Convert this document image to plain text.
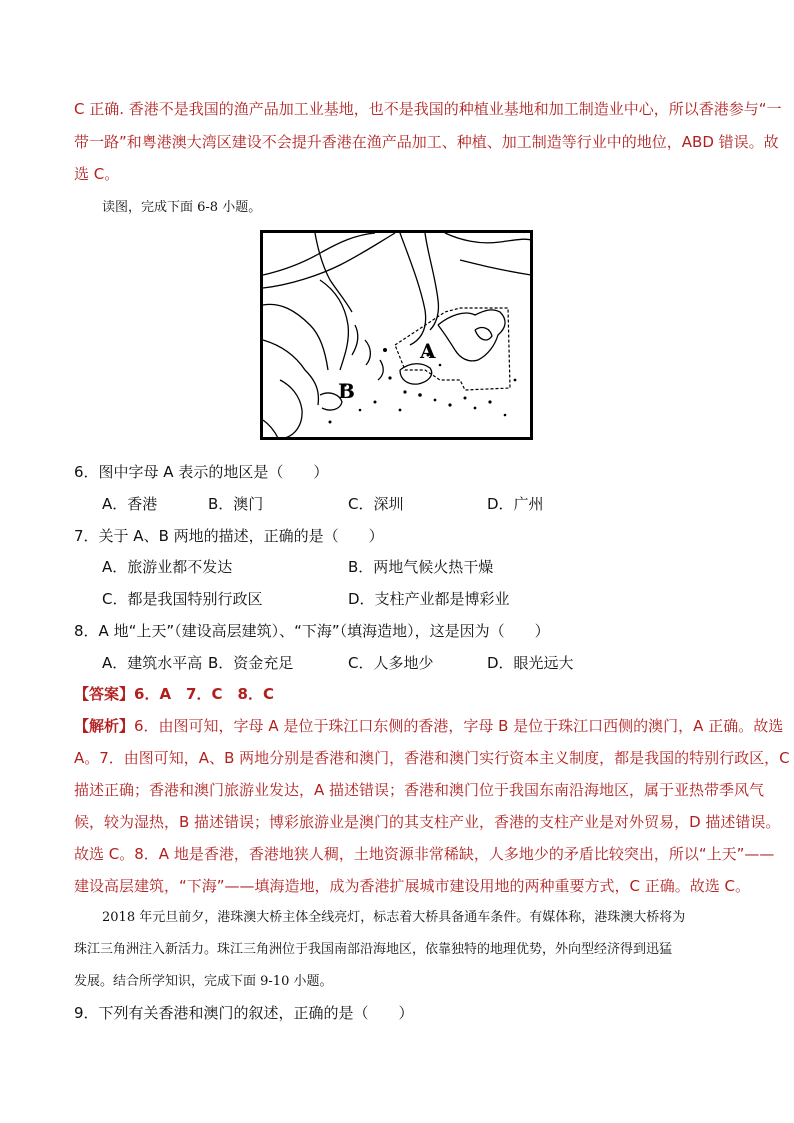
C 正确. 香港不是我国的渔产品加工业基地，也不是我国的种植业基地和加工制造业中心，所以香港参与“一
带一路”和粤港澳大湾区建设不会提升香港在渔产品加工、种植、加工制造等行业中的地位，ABD 错误。故
选 C。
读图，完成下面 6-8 小题。
A
B
6．图中字母 A 表示的地区是（　　）
A．香港	B．澳门	C．深圳	D．广州
7．关于 A、B 两地的描述，正确的是（　　）
A．旅游业都不发达	B．两地气候火热干燥
C．都是我国特别行政区	D．支柱产业都是博彩业
8．A 地“上天”（建设高层建筑）、“下海”（填海造地），这是因为（　　）
A．建筑水平高 B．资金充足	C．人多地少	D．眼光远大
【答案】6．A　7．C　8．C
【解析】6．由图可知，字母 A 是位于珠江口东侧的香港，字母 B 是位于珠江口西侧的澳门，A 正确。故选
A。7．由图可知，A、B 两地分别是香港和澳门，香港和澳门实行资本主义制度，都是我国的特别行政区，C
描述正确；香港和澳门旅游业发达，A 描述错误；香港和澳门位于我国东南沿海地区，属于亚热带季风气
候，较为湿热，B 描述错误；博彩旅游业是澳门的其支柱产业，香港的支柱产业是对外贸易，D 描述错误。
故选 C。8．A 地是香港，香港地狭人稠，土地资源非常稀缺，人多地少的矛盾比较突出，所以“上天”——
建设高层建筑，“下海”——填海造地，成为香港扩展城市建设用地的两种重要方式，C 正确。故选 C。
2018 年元旦前夕，港珠澳大桥主体全线亮灯，标志着大桥具备通车条件。有媒体称，港珠澳大桥将为
珠江三角洲注入新活力。珠江三角洲位于我国南部沿海地区，依靠独特的地理优势，外向型经济得到迅猛
发展。结合所学知识，完成下面 9-10 小题。
9．下列有关香港和澳门的叙述，正确的是（　　）
